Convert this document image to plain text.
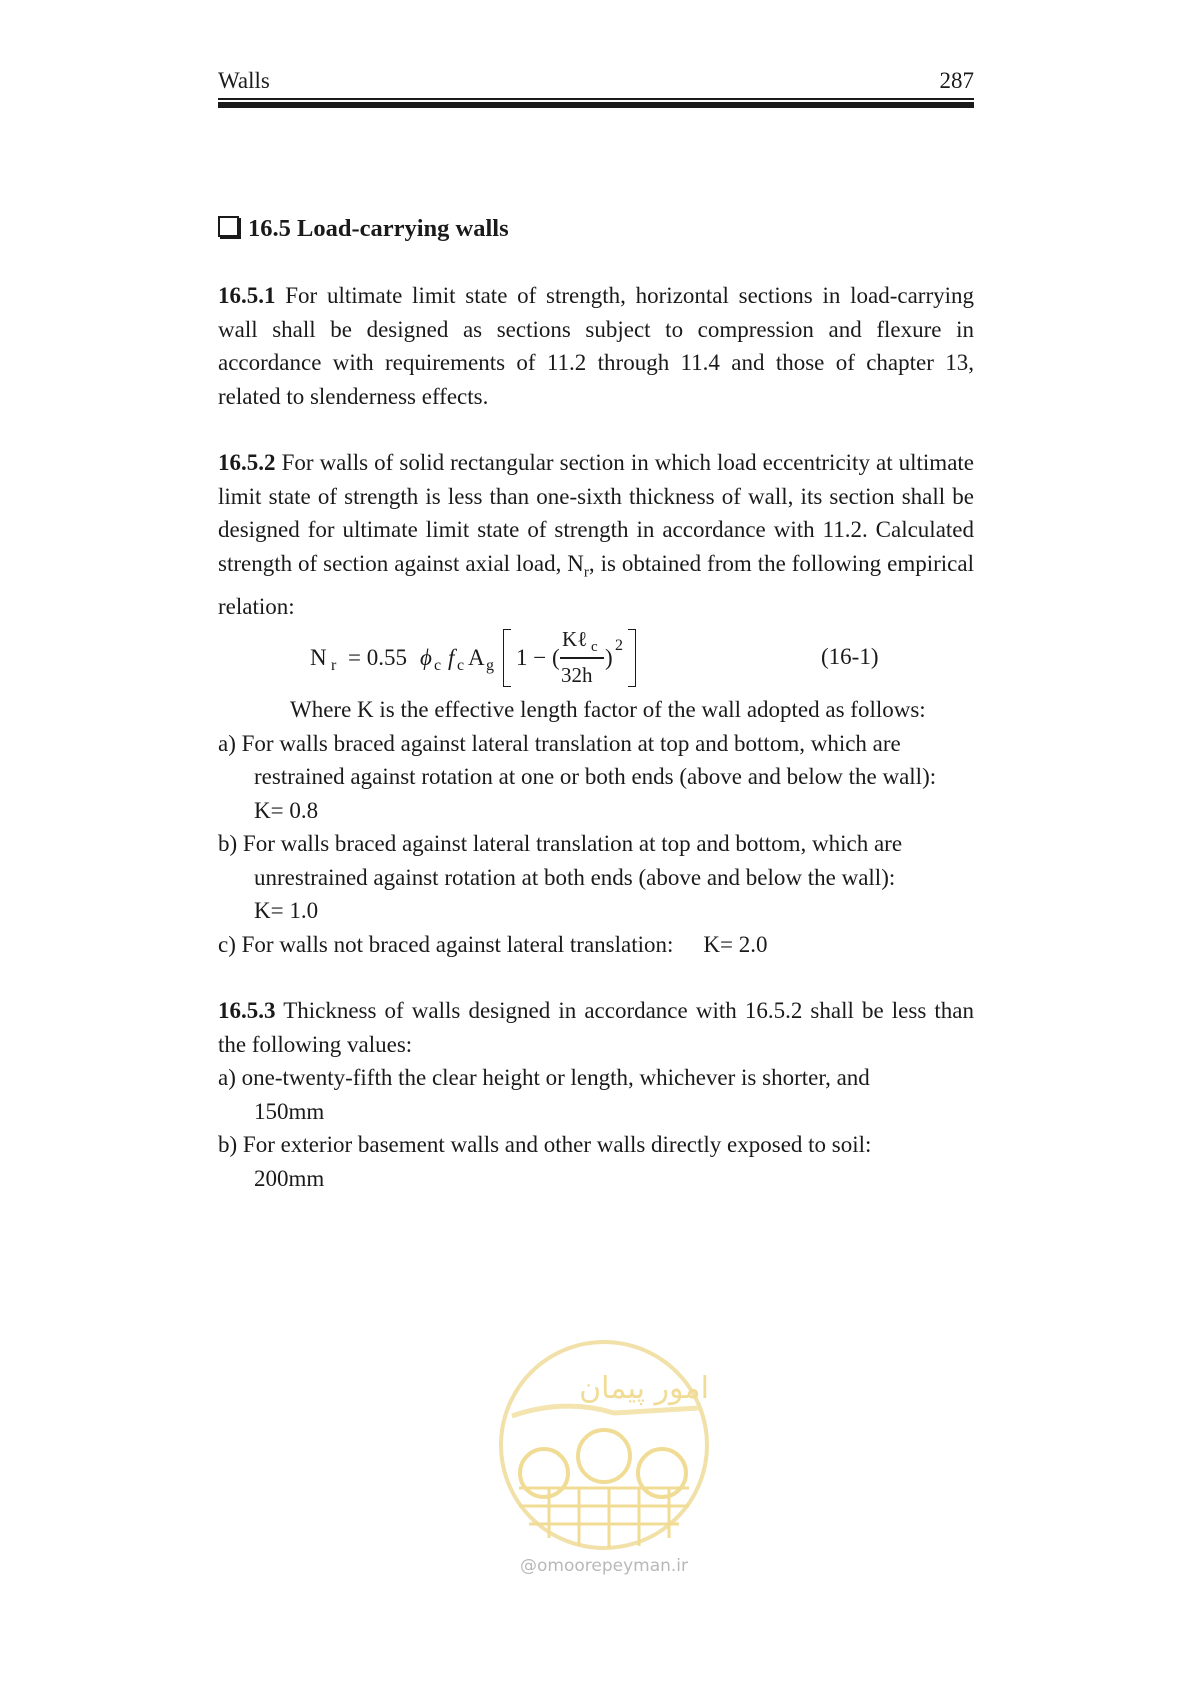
Walls	287
16.5 Load-carrying walls

16.5.1 For ultimate limit state of strength, horizontal sections in load-carrying wall shall be designed as sections subject to compression and flexure in accordance with requirements of 11.2 through 11.4 and those of chapter 13, related to slenderness effects.

16.5.2 For walls of solid rectangular section in which load eccentricity at ultimate limit state of strength is less than one-sixth thickness of wall, its section shall be designed for ultimate limit state of strength in accordance with 11.2. Calculated strength of section against axial load, $N_r$, is obtained from the following empirical relation:

N r = 0.55 ϕ c f c A g 1 − (
Kℓ c
32h
) 2	(16-1)

Where K is the effective length factor of the wall adopted as follows:

a) For walls braced against lateral translation at top and bottom, which are
restrained against rotation at one or both ends (above and below the wall):
K= 0.8
b) For walls braced against lateral translation at top and bottom, which are
unrestrained against rotation at both ends (above and below the wall):
K= 1.0
c) For walls not braced against lateral translation: K= 2.0

16.5.3 Thickness of walls designed in accordance with 16.5.2 shall be less than the following values:

a) one-twenty-fifth the clear height or length, whichever is shorter, and
150mm
b) For exterior basement walls and other walls directly exposed to soil:
200mm
امور پیمان
@omoorepeyman.ir
